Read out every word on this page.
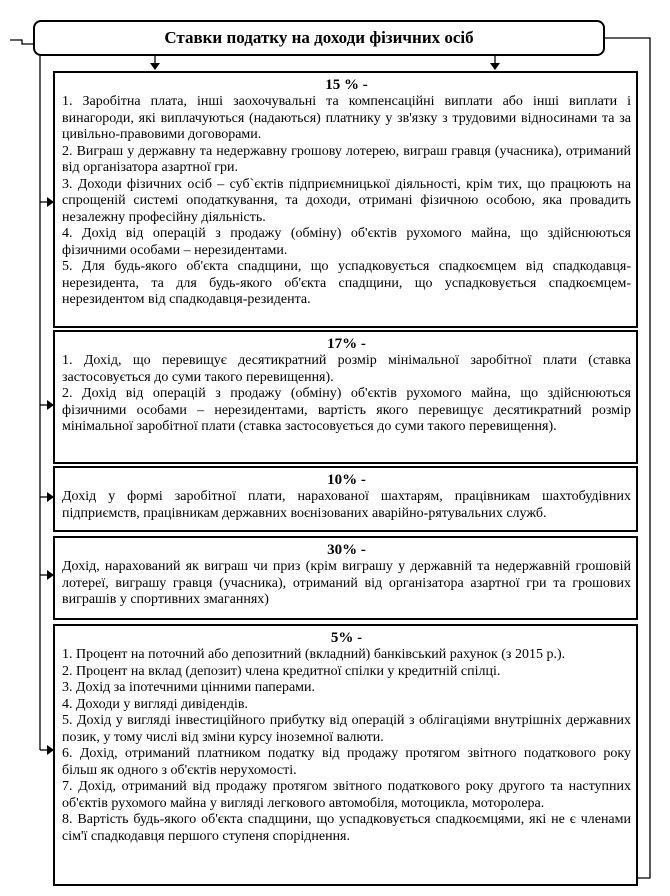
Ставки податку на доходи фізичних осіб
15 % -
1. Заробітна плата, інші заохочувальні та компенсаційні виплати або інші виплати і винагороди, які виплачуються (надаються) платнику у зв'язку з трудовими відносинами та за цивільно-правовими договорами.
2. Виграш у державну та недержавну грошову лотерею, виграш гравця (учасника), отриманий від організатора азартної гри.
3. Доходи фізичних осіб – суб`єктів підприємницької діяльності, крім тих, що працюють на спрощеній системі оподаткування, та доходи, отримані фізичною особою, яка провадить незалежну професійну діяльність.
4. Дохід від операцій з продажу (обміну) об'єктів рухомого майна, що здійснюються фізичними особами – нерезидентами.
5. Для будь-якого об'єкта спадщини, що успадковується спадкоємцем від спадкодавця-нерезидента, та для будь-якого об'єкта спадщини, що успадковується спадкоємцем-нерезидентом від спадкодавця-резидента.
17% -
1. Дохід, що перевищує десятикратний розмір мінімальної заробітної плати (ставка застосовується до суми такого перевищення).
2. Дохід від операцій з продажу (обміну) об'єктів рухомого майна, що здійснюються фізичними особами – нерезидентами, вартість якого перевищує десятикратний розмір мінімальної заробітної плати (ставка застосовується до суми такого перевищення).
10% -
Дохід у формі заробітної плати, нарахованої шахтарям, працівникам шахтобудівних підприємств, працівникам державних воєнізованих аварійно-рятувальних служб.
30% -
Дохід, нарахований як виграш чи приз (крім виграшу у державній та недержавній грошовій лотереї, виграшу гравця (учасника), отриманий від організатора азартної гри та грошових виграшів у спортивних змаганнях)
5% -
1. Процент на поточний або депозитний (вкладний) банківський рахунок (з 2015 р.).
2. Процент на вклад (депозит) члена кредитної спілки у кредитній спілці.
3. Дохід за іпотечними цінними паперами.
4. Доходи у вигляді дивідендів.
5. Дохід у вигляді інвестиційного прибутку від операцій з облігаціями внутрішніх державних позик, у тому числі від зміни курсу іноземної валюти.
6. Дохід, отриманий платником податку від продажу протягом звітного податкового року більш як одного з об'єктів нерухомості.
7. Дохід, отриманий від продажу протягом звітного податкового року другого та наступних об'єктів рухомого майна у вигляді легкового автомобіля, мотоцикла, моторолера.
8. Вартість будь-якого об'єкта спадщини, що успадковується спадкоємцями, які не є членами сім'ї спадкодавця першого ступеня споріднення.
